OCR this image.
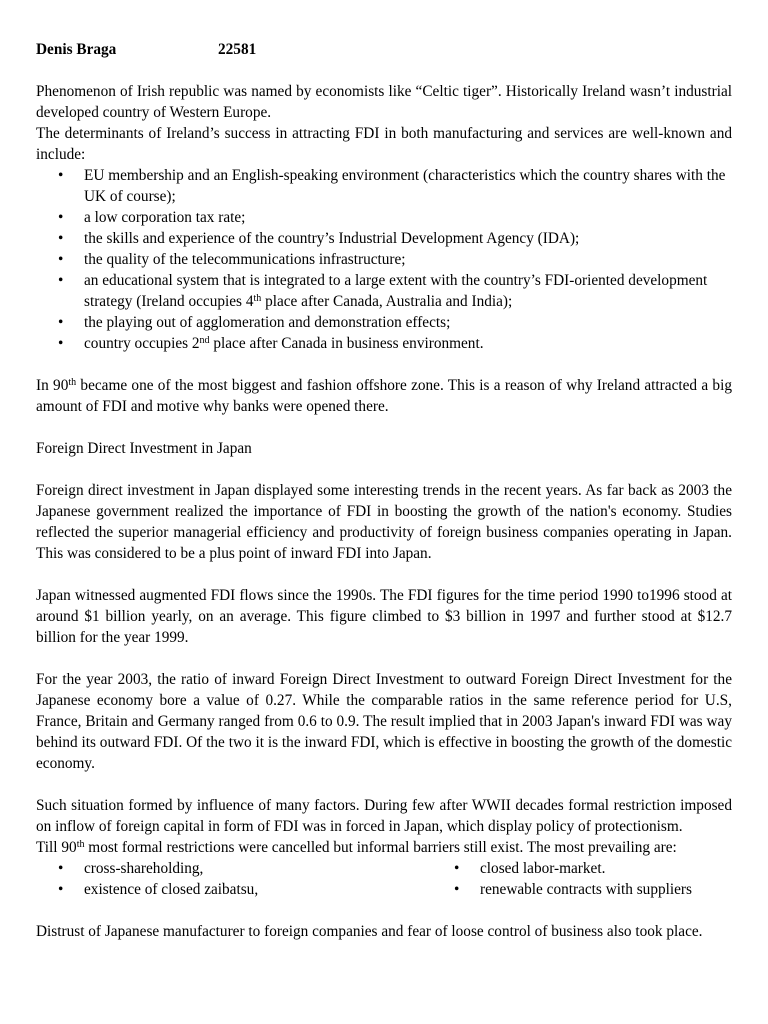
Denis Braga	22581

Phenomenon of Irish republic was named by economists like “Celtic tiger”. Historically Ireland wasn’t industrial developed country of Western Europe.

The determinants of Ireland’s success in attracting FDI in both manufacturing and services are well-known and include:

• EU membership and an English-speaking environment (characteristics which the country shares with the UK of course);
• a low corporation tax rate;
• the skills and experience of the country’s Industrial Development Agency (IDA);
• the quality of the telecommunications infrastructure;
• an educational system that is integrated to a large extent with the country’s FDI-oriented development strategy (Ireland occupies 4th place after Canada, Australia and India);
• the playing out of agglomeration and demonstration effects;
• country occupies 2nd place after Canada in business environment.

In 90th became one of the most biggest and fashion offshore zone. This is a reason of why Ireland attracted a big amount of FDI and motive why banks were opened there.

Foreign Direct Investment in Japan

Foreign direct investment in Japan displayed some interesting trends in the recent years. As far back as 2003 the Japanese government realized the importance of FDI in boosting the growth of the nation's economy. Studies reflected the superior managerial efficiency and productivity of foreign business companies operating in Japan. This was considered to be a plus point of inward FDI into Japan.

Japan witnessed augmented FDI flows since the 1990s. The FDI figures for the time period 1990 to1996 stood at around $1 billion yearly, on an average. This figure climbed to $3 billion in 1997 and further stood at $12.7 billion for the year 1999.

For the year 2003, the ratio of inward Foreign Direct Investment to outward Foreign Direct Investment for the Japanese economy bore a value of 0.27. While the comparable ratios in the same reference period for U.S, France, Britain and Germany ranged from 0.6 to 0.9. The result implied that in 2003 Japan's inward FDI was way behind its outward FDI. Of the two it is the inward FDI, which is effective in boosting the growth of the domestic economy.

Such situation formed by influence of many factors. During few after WWII decades formal restriction imposed on inflow of foreign capital in form of FDI was in forced in Japan, which display policy of protectionism.

Till 90th most formal restrictions were cancelled but informal barriers still exist. The most prevailing are:

• cross-shareholding,
• existence of closed zaibatsu,
• closed labor-market.
• renewable contracts with suppliers

Distrust of Japanese manufacturer to foreign companies and fear of loose control of business also took place.
